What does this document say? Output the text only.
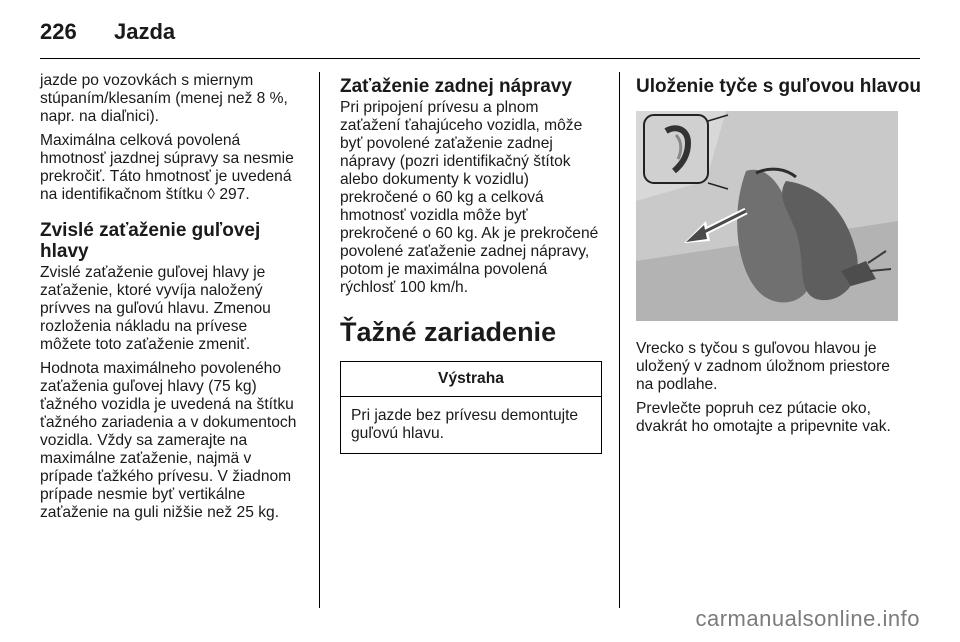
226	Jazda

jazde po vozovkách s miernym
stúpaním/klesaním (menej než 8 %,
napr. na diaľnici).

Maximálna celková povolená
hmotnosť jazdnej súpravy sa nesmie
prekročiť. Táto hmotnosť je uvedená
na identifikačnom štítku ◊ 297.

Zvislé zaťaženie guľovej hlavy

Zvislé zaťaženie guľovej hlavy je
zaťaženie, ktoré vyvíja naložený
prívves na guľovú hlavu. Zmenou
rozloženia nákladu na prívese
môžete toto zaťaženie zmeniť.

Hodnota maximálneho povoleného
zaťaženia guľovej hlavy (75 kg)
ťažného vozidla je uvedená na štítku
ťažného zariadenia a v dokumentoch
vozidla. Vždy sa zamerajte na
maximálne zaťaženie, najmä v
prípade ťažkého prívesu. V žiadnom
prípade nesmie byť vertikálne
zaťaženie na guli nižšie než 25 kg.

Zaťaženie zadnej nápravy

Pri pripojení prívesu a plnom
zaťažení ťahajúceho vozidla, môže
byť povolené zaťaženie zadnej
nápravy (pozri identifikačný štítok
alebo dokumenty k vozidlu)
prekročené o 60 kg a celková
hmotnosť vozidla môže byť
prekročené o 60 kg. Ak je prekročené
povolené zaťaženie zadnej nápravy,
potom je maximálna povolená
rýchlosť 100 km/h.

Ťažné zariadenie
Výstraha
Pri jazde bez prívesu demontujte
guľovú hlavu.
Uloženie tyče s guľovou hlavou

Vrecko s tyčou s guľovou hlavou je
uložený v zadnom úložnom priestore
na podlahe.

Prevlečte popruh cez pútacie oko,
dvakrát ho omotajte a pripevnite vak.

carmanualsonline.info
